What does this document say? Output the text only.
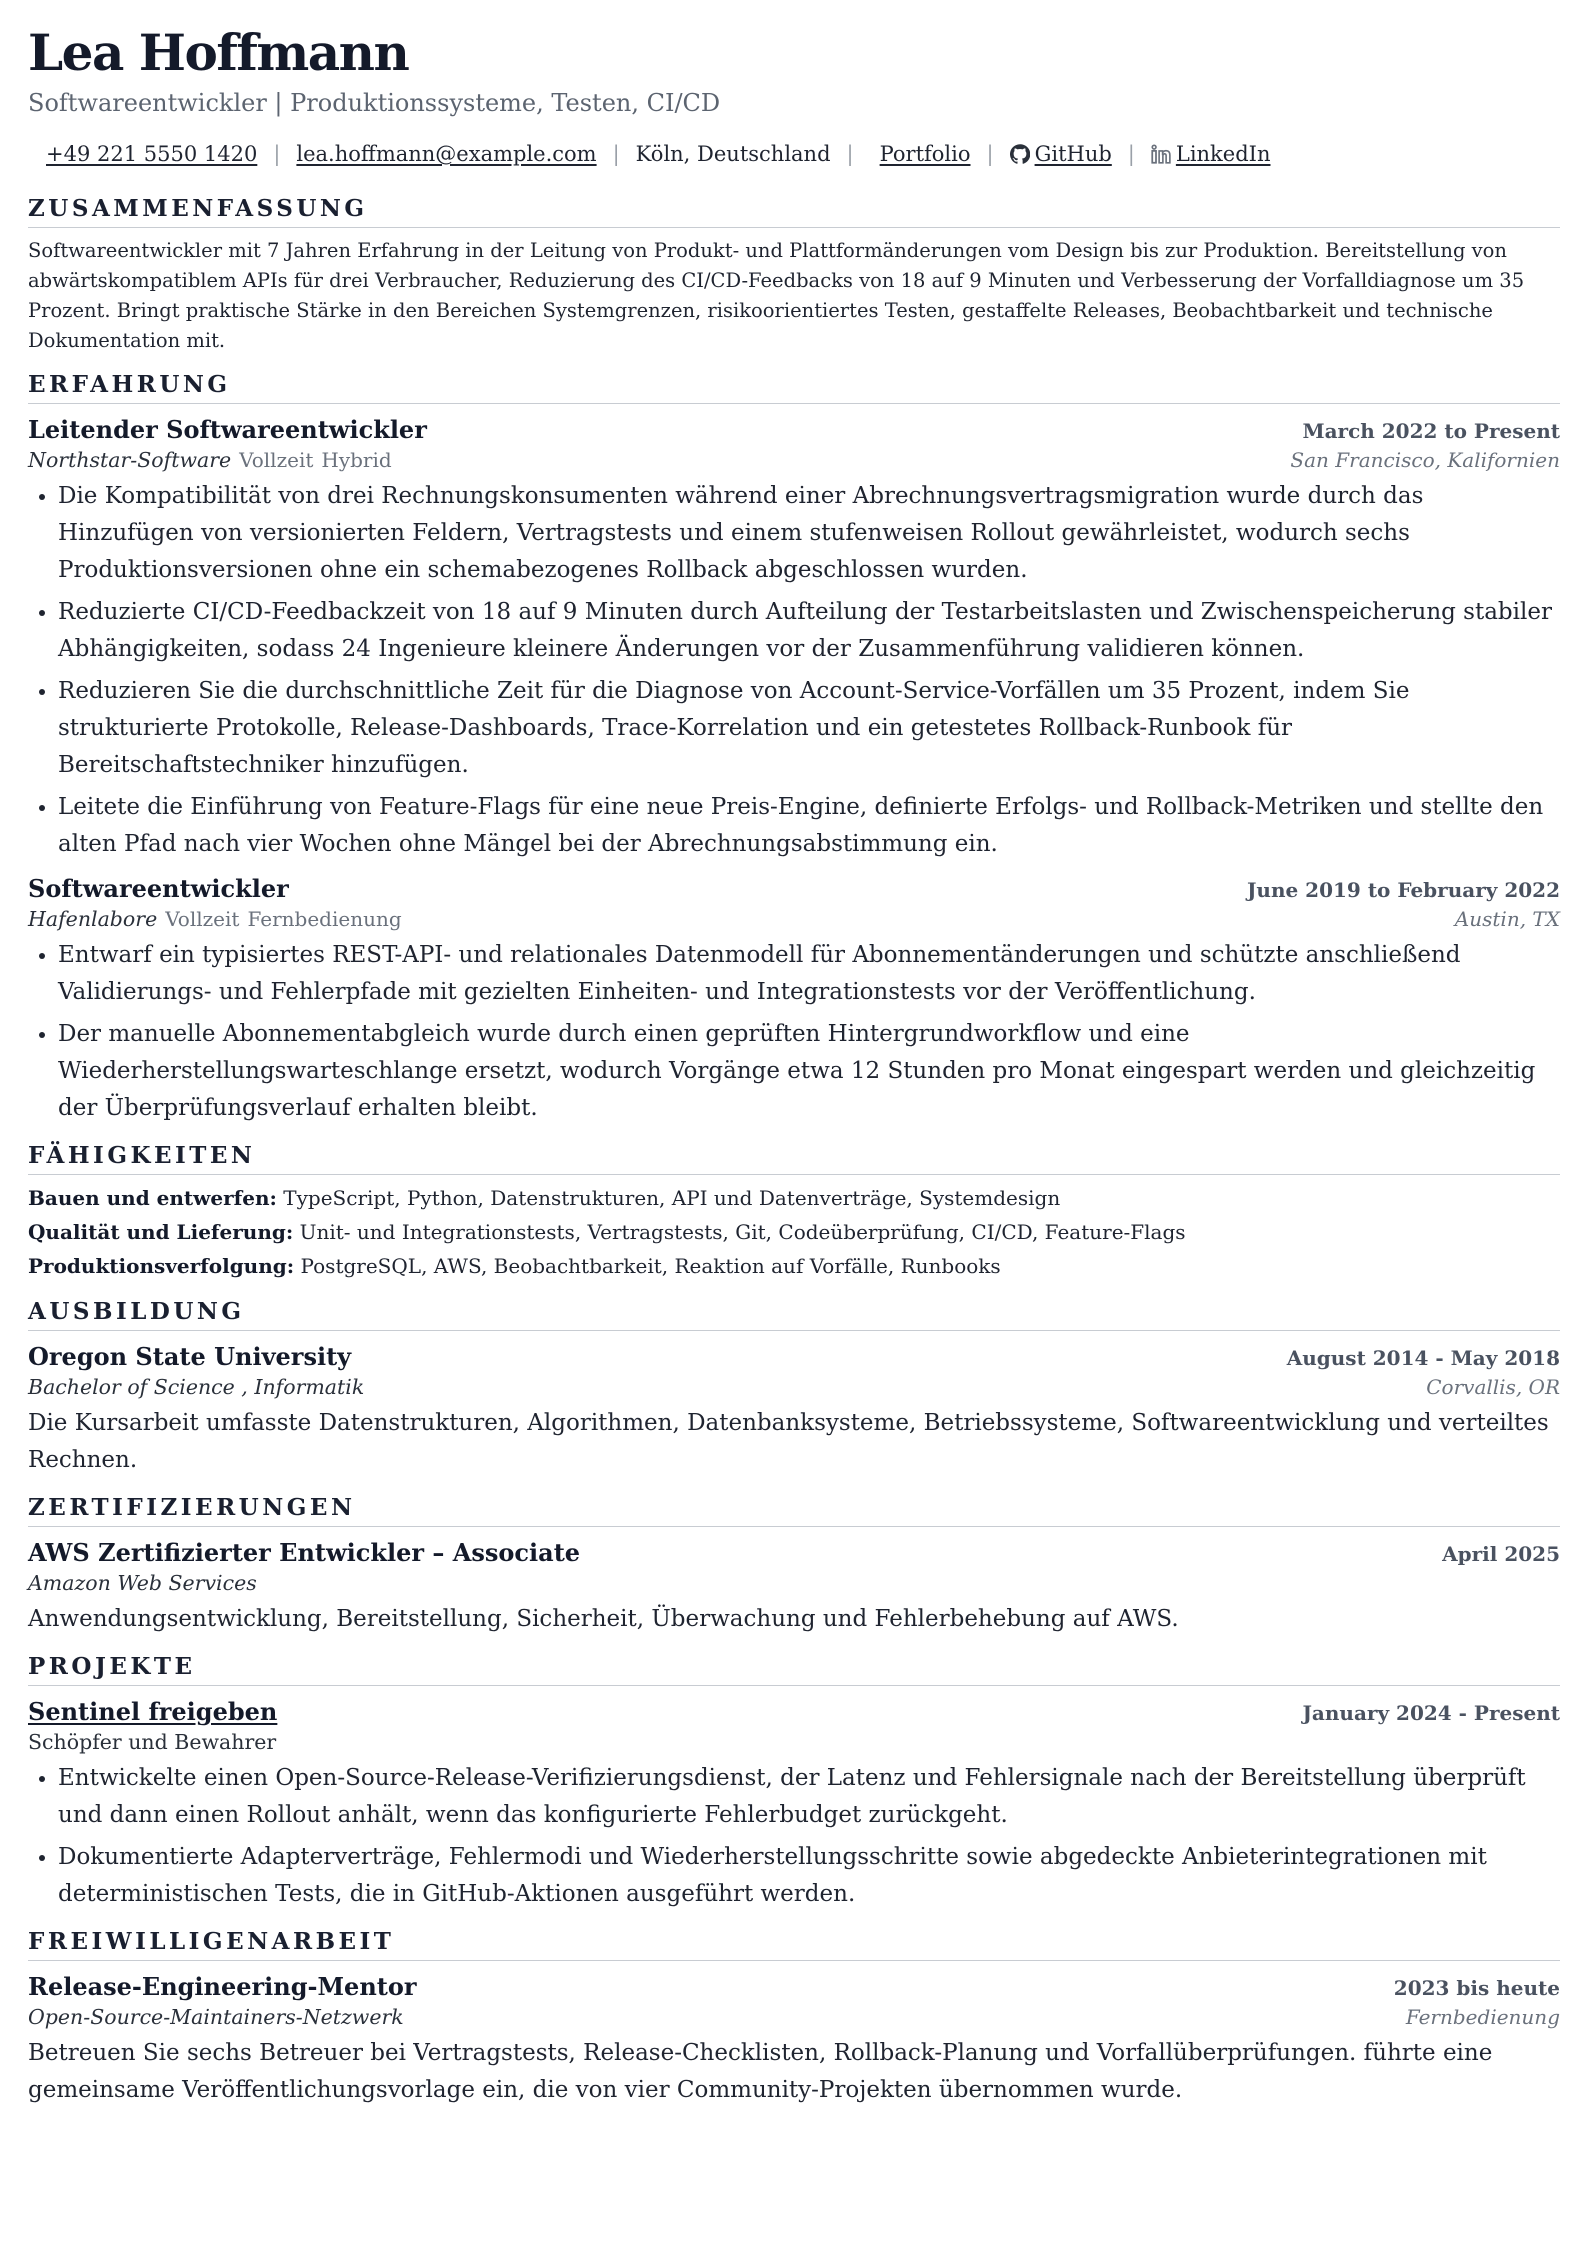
Lea Hoffmann
Softwareentwickler | Produktionssysteme, Testen, CI/CD
+49 221 5550 1420 | lea.hoffmann@example.com | Köln, Deutschland | Portfolio | GitHub | LinkedIn
ZUSAMMENFASSUNG

Softwareentwickler mit 7 Jahren Erfahrung in der Leitung von Produkt- und Plattformänderungen vom Design bis zur Produktion. Bereitstellung von abwärtskompatiblem APIs für drei Verbraucher, Reduzierung des CI/CD-Feedbacks von 18 auf 9 Minuten und Verbesserung der Vorfalldiagnose um 35 Prozent. Bringt praktische Stärke in den Bereichen Systemgrenzen, risikoorientiertes Testen, gestaffelte Releases, Beobachtbarkeit und technische Dokumentation mit.

ERFAHRUNG
Leitender Softwareentwickler	March 2022 to Present
Northstar-Software Vollzeit Hybrid	San Francisco, Kalifornien
• Die Kompatibilität von drei Rechnungskonsumenten während einer Abrechnungsvertragsmigration wurde durch das Hinzufügen von versionierten Feldern, Vertragstests und einem stufenweisen Rollout gewährleistet, wodurch sechs Produktionsversionen ohne ein schemabezogenes Rollback abgeschlossen wurden.
• Reduzierte CI/CD-Feedbackzeit von 18 auf 9 Minuten durch Aufteilung der Testarbeitslasten und Zwischenspeicherung stabiler Abhängigkeiten, sodass 24 Ingenieure kleinere Änderungen vor der Zusammenführung validieren können.
• Reduzieren Sie die durchschnittliche Zeit für die Diagnose von Account-Service-Vorfällen um 35 Prozent, indem Sie strukturierte Protokolle, Release-Dashboards, Trace-Korrelation und ein getestetes Rollback-Runbook für Bereitschaftstechniker hinzufügen.
• Leitete die Einführung von Feature-Flags für eine neue Preis-Engine, definierte Erfolgs- und Rollback-Metriken und stellte den alten Pfad nach vier Wochen ohne Mängel bei der Abrechnungsabstimmung ein.
Softwareentwickler	June 2019 to February 2022
Hafenlabore Vollzeit Fernbedienung	Austin, TX
• Entwarf ein typisiertes REST-API- und relationales Datenmodell für Abonnementänderungen und schützte anschließend Validierungs- und Fehlerpfade mit gezielten Einheiten- und Integrationstests vor der Veröffentlichung.
• Der manuelle Abonnementabgleich wurde durch einen geprüften Hintergrundworkflow und eine Wiederherstellungswarteschlange ersetzt, wodurch Vorgänge etwa 12 Stunden pro Monat eingespart werden und gleichzeitig der Überprüfungsverlauf erhalten bleibt.
FÄHIGKEITEN
Bauen und entwerfen: TypeScript, Python, Datenstrukturen, API und Datenverträge, Systemdesign
Qualität und Lieferung: Unit- und Integrationstests, Vertragstests, Git, Codeüberprüfung, CI/CD, Feature-Flags
Produktionsverfolgung: PostgreSQL, AWS, Beobachtbarkeit, Reaktion auf Vorfälle, Runbooks
AUSBILDUNG
Oregon State University	August 2014 - May 2018
Bachelor of Science , Informatik	Corvallis, OR

Die Kursarbeit umfasste Datenstrukturen, Algorithmen, Datenbanksysteme, Betriebssysteme, Softwareentwicklung und verteiltes Rechnen.

ZERTIFIZIERUNGEN
AWS Zertifizierter Entwickler – Associate	April 2025
Amazon Web Services

Anwendungsentwicklung, Bereitstellung, Sicherheit, Überwachung und Fehlerbehebung auf AWS.

PROJEKTE
Sentinel freigeben	January 2024 - Present
Schöpfer und Bewahrer
• Entwickelte einen Open-Source-Release-Verifizierungsdienst, der Latenz und Fehlersignale nach der Bereitstellung überprüft und dann einen Rollout anhält, wenn das konfigurierte Fehlerbudget zurückgeht.
• Dokumentierte Adapterverträge, Fehlermodi und Wiederherstellungsschritte sowie abgedeckte Anbieterintegrationen mit deterministischen Tests, die in GitHub-Aktionen ausgeführt werden.
FREIWILLIGENARBEIT
Release-Engineering-Mentor	2023 bis heute
Open-Source-Maintainers-Netzwerk	Fernbedienung

Betreuen Sie sechs Betreuer bei Vertragstests, Release-Checklisten, Rollback-Planung und Vorfallüberprüfungen. führte eine gemeinsame Veröffentlichungsvorlage ein, die von vier Community-Projekten übernommen wurde.
